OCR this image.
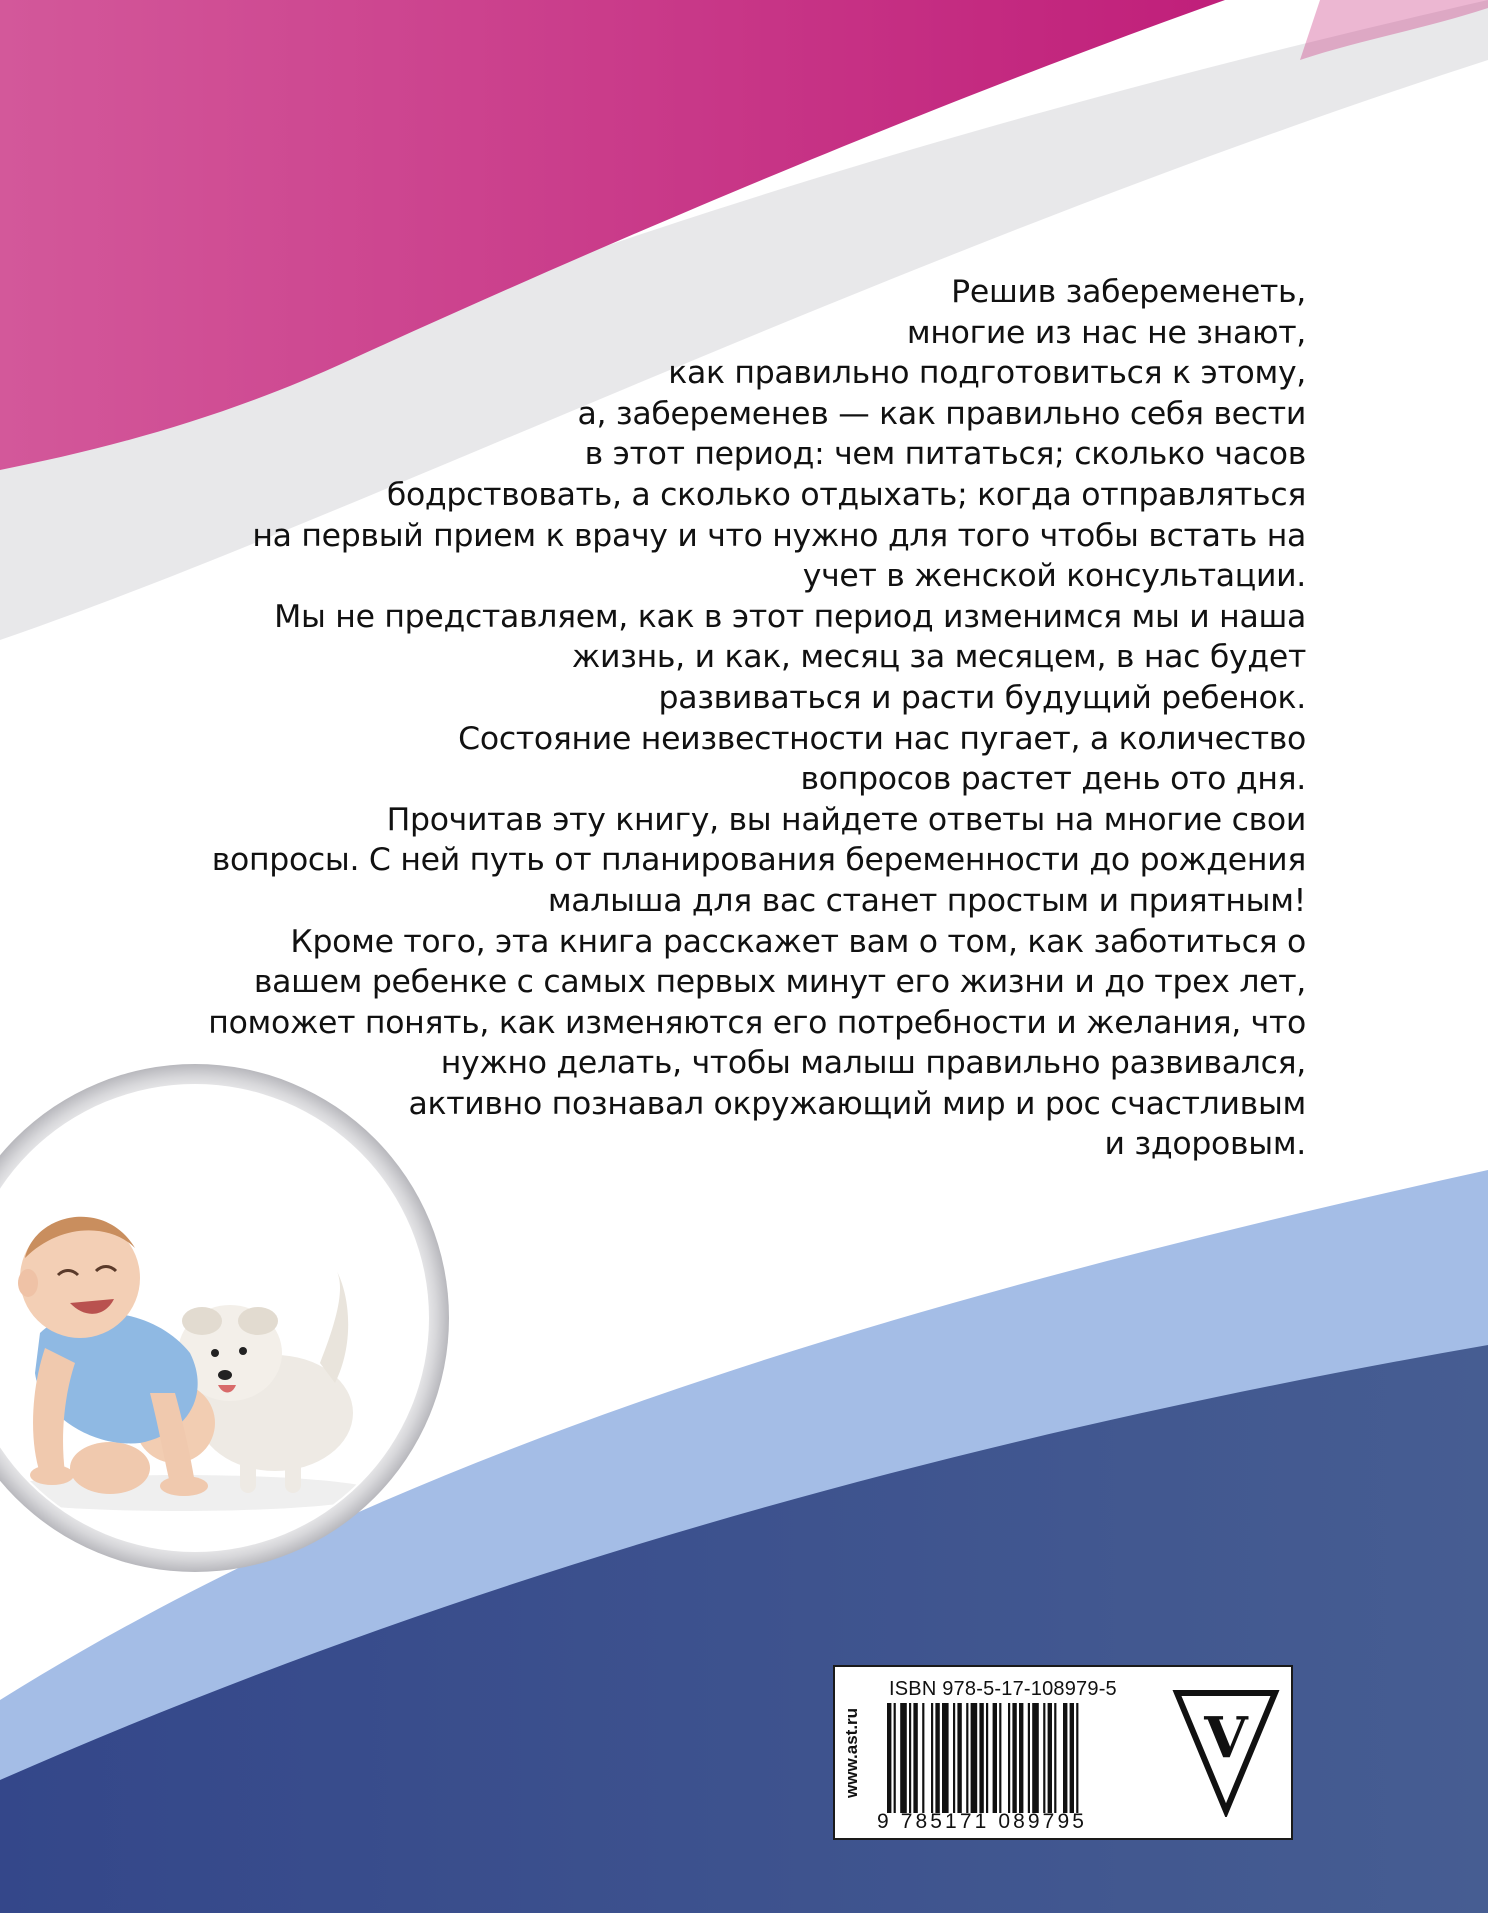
Решив забеременеть,
многие из нас не знают,
как правильно подготовиться к этому,
а, забеременев — как правильно себя вести
в этот период: чем питаться; сколько часов
бодрствовать, а сколько отдыхать; когда отправляться
на первый прием к врачу и что нужно для того чтобы встать на
учет в женской консультации.
Мы не представляем, как в этот период изменимся мы и наша
жизнь, и как, месяц за месяцем, в нас будет
развиваться и расти будущий ребенок.
Состояние неизвестности нас пугает, а количество
вопросов растет день ото дня.
Прочитав эту книгу, вы найдете ответы на многие свои
вопросы. С ней путь от планирования беременности до рождения
малыша для вас станет простым и приятным!
Кроме того, эта книга расскажет вам о том, как заботиться о
вашем ребенке с самых первых минут его жизни и до трех лет,
поможет понять, как изменяются его потребности и желания, что
нужно делать, чтобы малыш правильно развивался,
активно познавал окружающий мир и рос счастливым
и здоровым.
www.ast.ru
ISBN 978-5-17-108979-5
9 785171 089795
V
